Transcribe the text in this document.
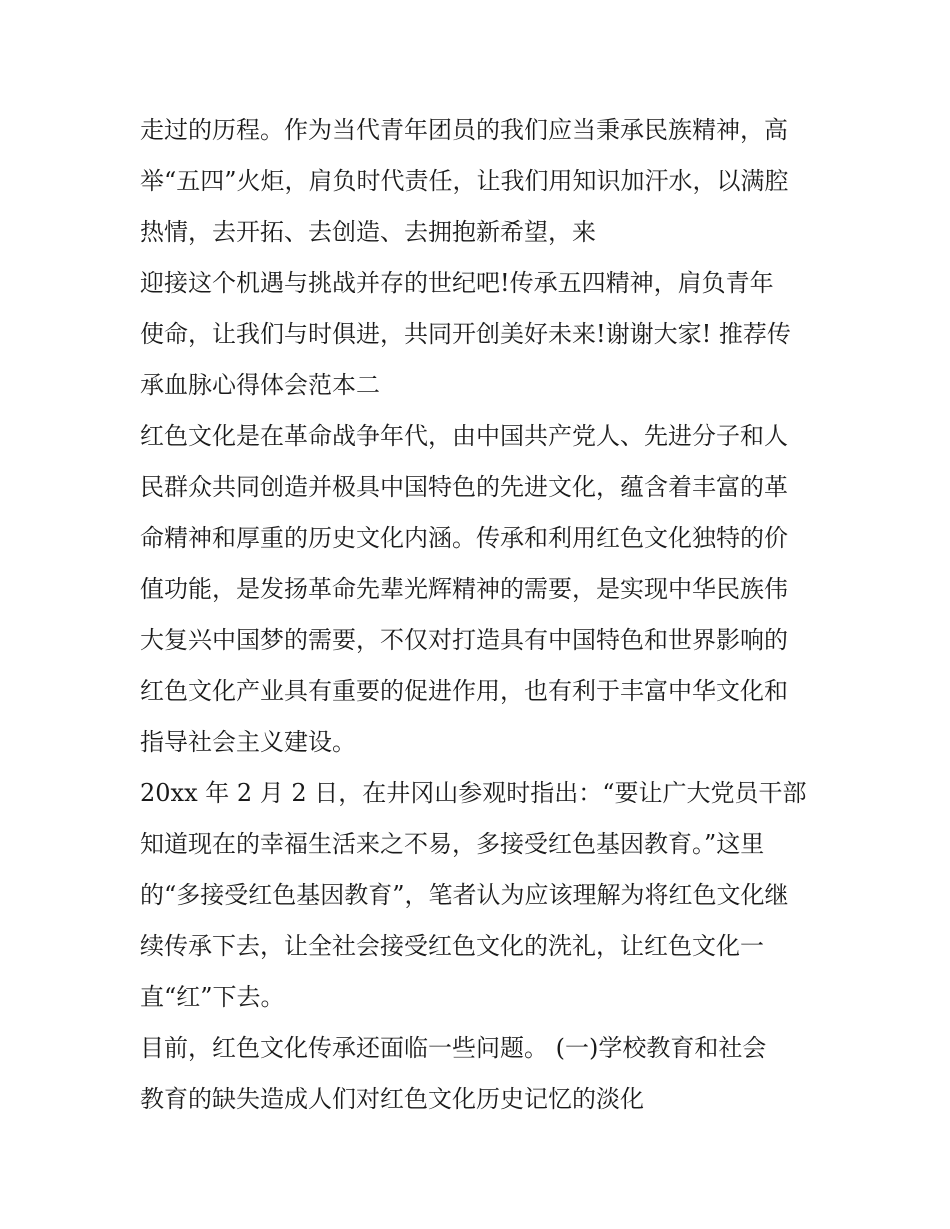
走过的历程。作为当代青年团员的我们应当秉承民族精神，高

举“五四”火炬，肩负时代责任，让我们用知识加汗水，以满腔

热情，去开拓、去创造、去拥抱新希望，来

迎接这个机遇与挑战并存的世纪吧!传承五四精神，肩负青年

使命，让我们与时俱进，共同开创美好未来!谢谢大家! 推荐传

承血脉心得体会范本二

红色文化是在革命战争年代，由中国共产党人、先进分子和人

民群众共同创造并极具中国特色的先进文化，蕴含着丰富的革

命精神和厚重的历史文化内涵。传承和利用红色文化独特的价

值功能，是发扬革命先辈光辉精神的需要，是实现中华民族伟

大复兴中国梦的需要，不仅对打造具有中国特色和世界影响的

红色文化产业具有重要的促进作用，也有利于丰富中华文化和

指导社会主义建设。

20xx 年 2 月 2 日，在井冈山参观时指出：“要让广大党员干部

知道现在的幸福生活来之不易，多接受红色基因教育。”这里

的“多接受红色基因教育”，笔者认为应该理解为将红色文化继

续传承下去，让全社会接受红色文化的洗礼，让红色文化一

直“红”下去。

目前，红色文化传承还面临一些问题。 (一)学校教育和社会

教育的缺失造成人们对红色文化历史记忆的淡化
